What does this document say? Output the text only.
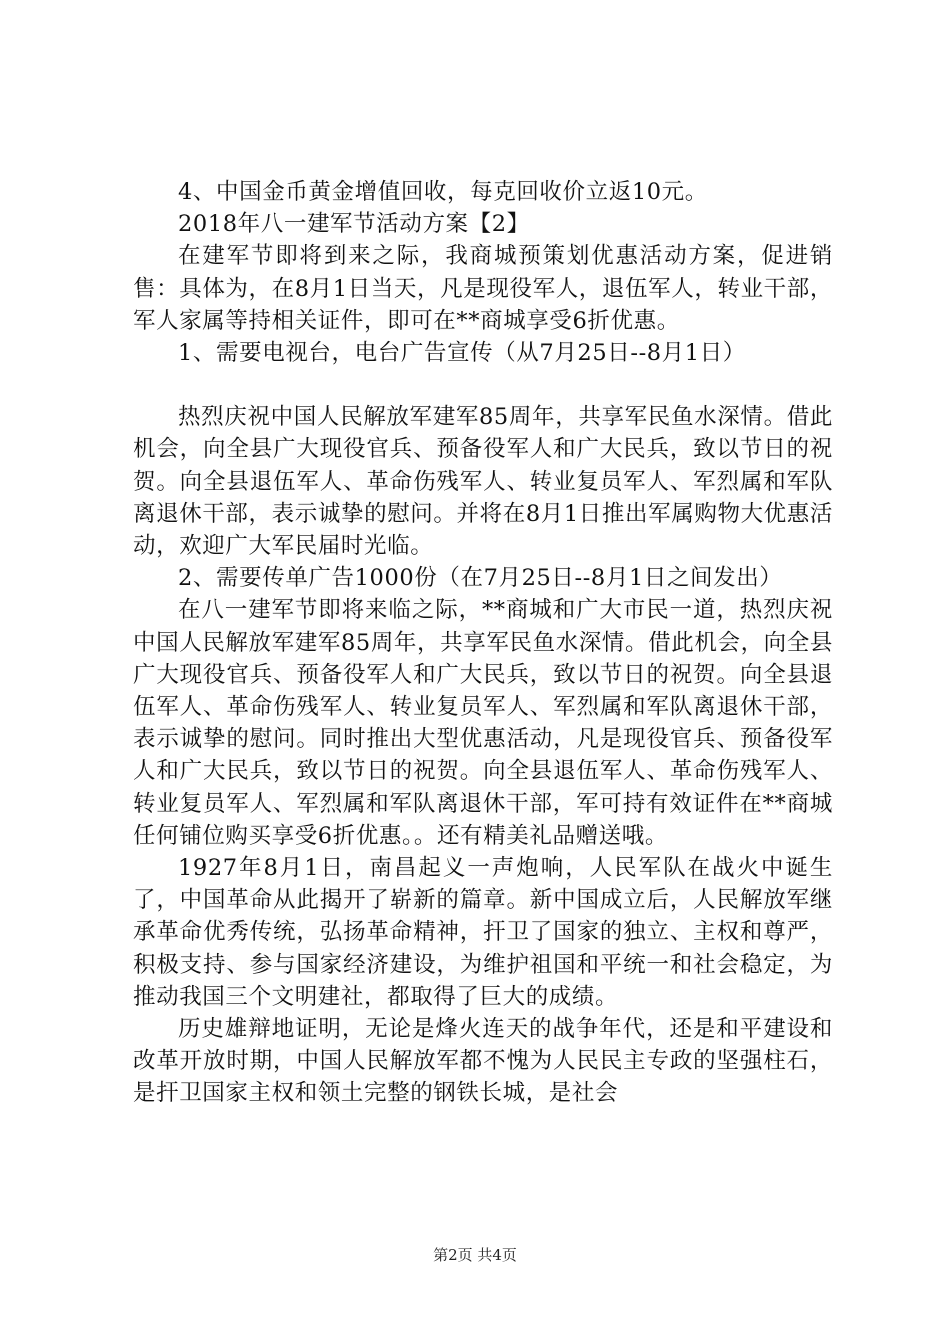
4、中国金币黄金增值回收，每克回收价立返10元。

2018年八一建军节活动方案【2】

在建军节即将到来之际，我商城预策划优惠活动方案，促进销售：具体为，在8月1日当天，凡是现役军人，退伍军人，转业干部，军人家属等持相关证件，即可在**商城享受6折优惠。

1、需要电视台，电台广告宣传（从7月25日--8月1日）

热烈庆祝中国人民解放军建军85周年，共享军民鱼水深情。借此机会，向全县广大现役官兵、预备役军人和广大民兵，致以节日的祝贺。向全县退伍军人、革命伤残军人、转业复员军人、军烈属和军队离退休干部，表示诚挚的慰问。并将在8月1日推出军属购物大优惠活动，欢迎广大军民届时光临。

2、需要传单广告1000份（在7月25日--8月1日之间发出）

在八一建军节即将来临之际，**商城和广大市民一道，热烈庆祝中国人民解放军建军85周年，共享军民鱼水深情。借此机会，向全县广大现役官兵、预备役军人和广大民兵，致以节日的祝贺。向全县退伍军人、革命伤残军人、转业复员军人、军烈属和军队离退休干部，表示诚挚的慰问。同时推出大型优惠活动，凡是现役官兵、预备役军人和广大民兵，致以节日的祝贺。向全县退伍军人、革命伤残军人、转业复员军人、军烈属和军队离退休干部，军可持有效证件在**商城任何铺位购买享受6折优惠。。还有精美礼品赠送哦。

1927年8月1日，南昌起义一声炮响，人民军队在战火中诞生了，中国革命从此揭开了崭新的篇章。新中国成立后，人民解放军继承革命优秀传统，弘扬革命精神，扞卫了国家的独立、主权和尊严，积极支持、参与国家经济建设，为维护祖国和平统一和社会稳定，为推动我国三个文明建社，都取得了巨大的成绩。

历史雄辩地证明，无论是烽火连天的战争年代，还是和平建设和改革开放时期，中国人民解放军都不愧为人民民主专政的坚强柱石，是扞卫国家主权和领土完整的钢铁长城，是社会

第2页 共4页
